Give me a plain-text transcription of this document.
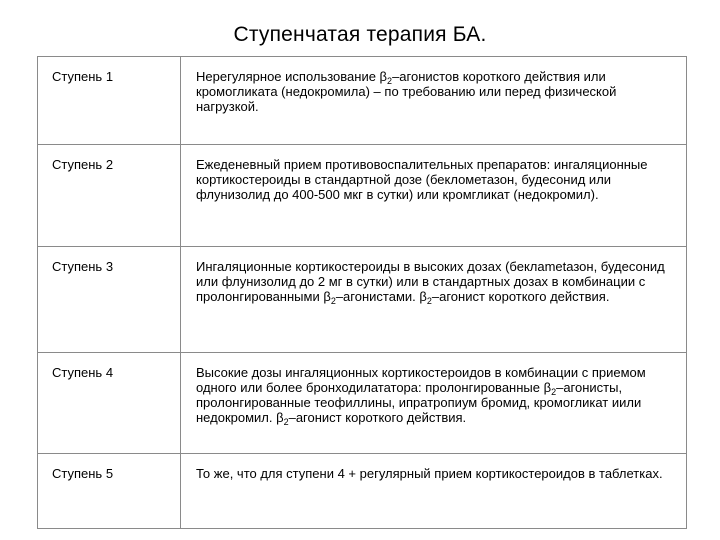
Ступенчатая терапия БА.
Ступень 1	Нерегулярное использование $\beta_2$–агонистов короткого действия или кромогликата (недокромила) – по требованию или перед физической нагрузкой.
Ступень 2	Ежеденевный прием противовоспалительных препаратов: ингаляционные кортикостероиды в стандартной дозе (беклометазон, будесонид или флунизолид до 400-500 мкг в сутки) или кромгликат (недокромил).
Ступень 3	Ингаляционные кортикостероиды в высоких дозах (беклametазон, будесонид или флунизолид до 2 мг в сутки) или в стандартных дозах в комбинации с пролонгированными $\beta_2$–агонистами. $\beta_2$–агонист короткого действия.
Ступень 4	Высокие дозы ингаляционных кортикостероидов в комбинации с приемом одного или более бронходилататора: пролонгированные $\beta_2$–агонисты, пролонгированные теофиллины, ипратропиум бромид, кромогликат иили недокромил. $\beta_2$–агонист короткого действия.
Ступень 5	То же, что для ступени 4 + регулярный прием кортикостероидов в таблетках.
